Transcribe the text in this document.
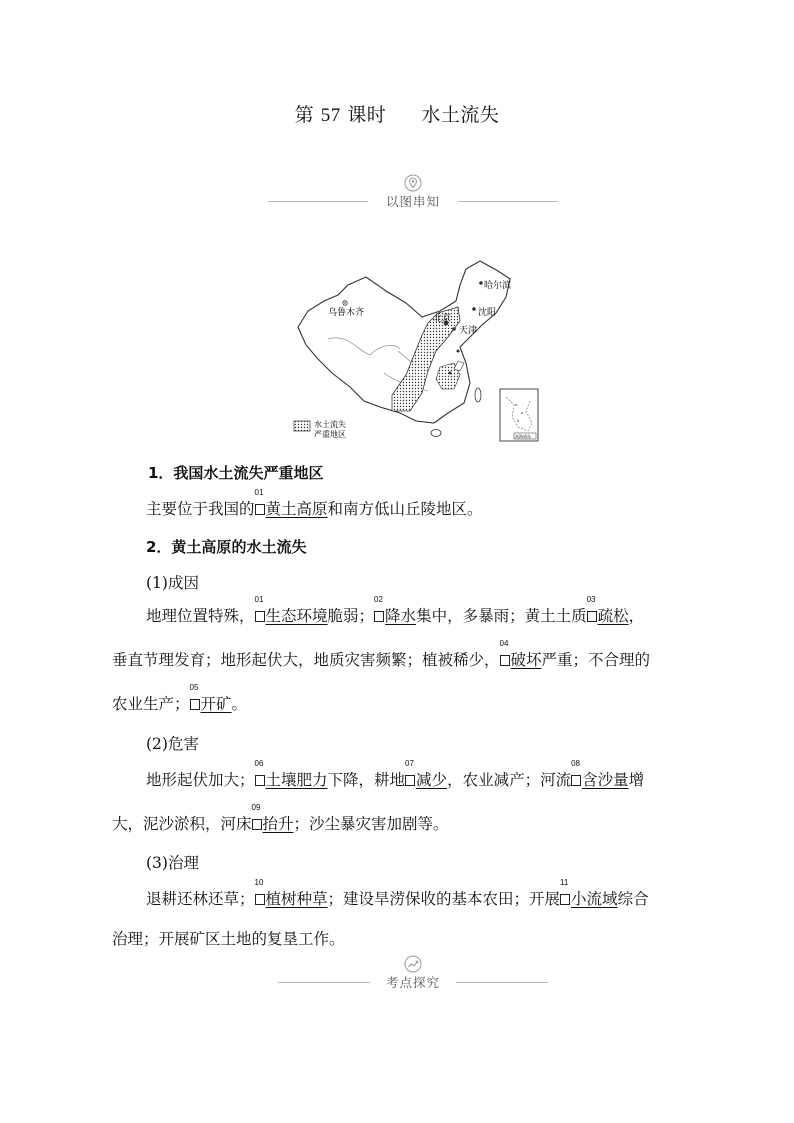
第 57 课时 水土流失
以图串知
哈尔滨
沈阳
乌鲁木齐
北京
天津
水土流失
严重地区	南海诸岛
1．我国水土流失严重地区
主要位于我国的
01
黄土高原和南方低山丘陵地区。
2．黄土高原的水土流失
(1)成因
地理位置特殊，
01
生态环境脆弱；
02
降水集中，多暴雨；黄土土质
03
疏松，
垂直节理发育；地形起伏大，地质灾害频繁；植被稀少，
04
破坏严重；不合理的
农业生产；
05
开矿。
(2)危害
地形起伏加大；
06
土壤肥力下降，耕地
07
减少，农业减产；河流
08
含沙量增
大，泥沙淤积，河床
09
抬升；沙尘暴灾害加剧等。
(3)治理
退耕还林还草；
10
植树种草；建设旱涝保收的基本农田；开展
11
小流域综合
治理；开展矿区土地的复垦工作。
考点探究
